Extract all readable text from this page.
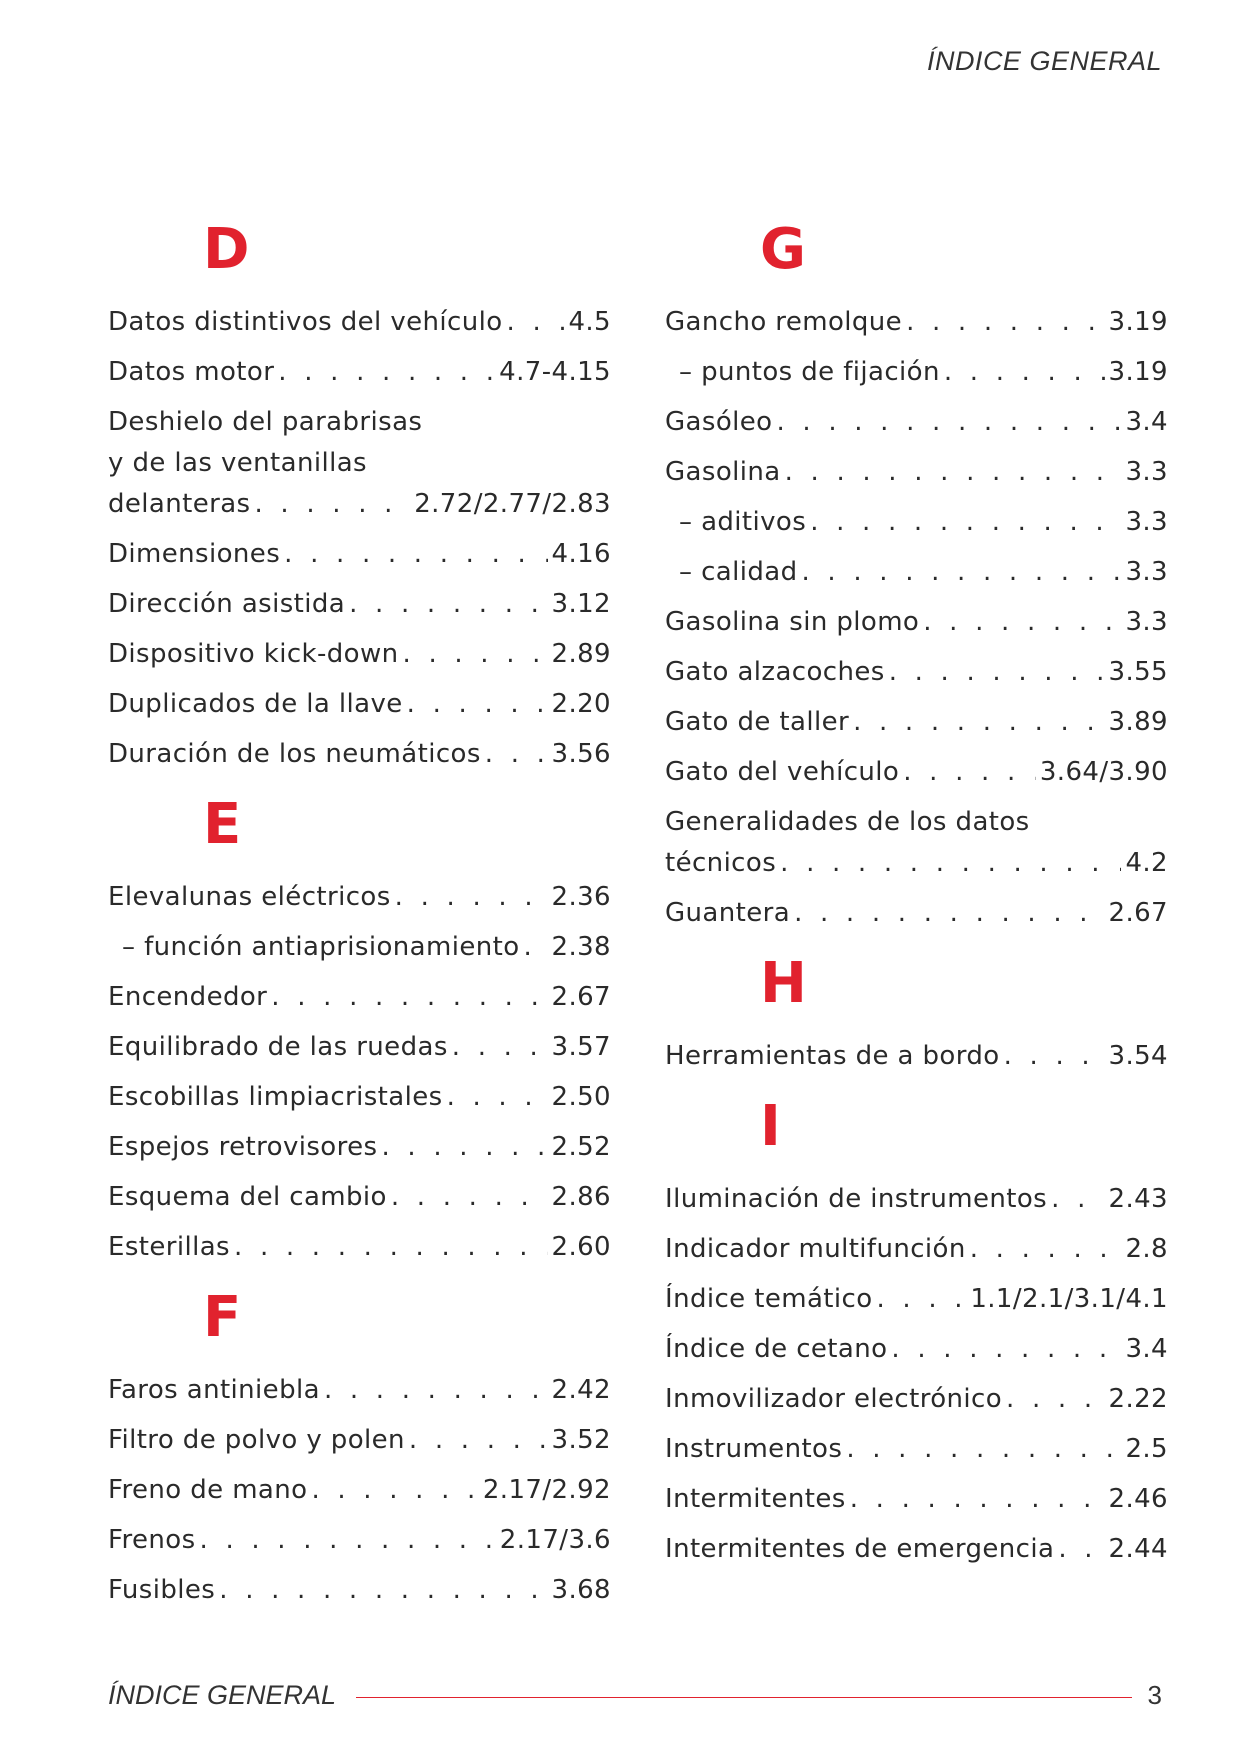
ÍNDICE GENERAL
D
Datos distintivos del vehículo . . .	4.5
Datos motor . . .	4.7-4.15
Deshielo del parabrisas
y de las ventanillas
delanteras . . .	2.72/2.77/2.83
Dimensiones . . .	4.16
Dirección asistida . . .	3.12
Dispositivo kick-down . . .	2.89
Duplicados de la llave . . .	2.20
Duración de los neumáticos . . .	3.56
E
Elevalunas eléctricos . . .	2.36
– función antiaprisionamiento . . . 2.38
Encendedor . . .	2.67
Equilibrado de las ruedas . . .	3.57
Escobillas limpiacristales . . .	2.50
Espejos retrovisores . . .	2.52
Esquema del cambio . . .	2.86
Esterillas . . .	2.60
F
Faros antiniebla . . .	2.42
Filtro de polvo y polen . . .	3.52
Freno de mano . . .	2.17/2.92
Frenos . . .	2.17/3.6
Fusibles . . .	3.68
G
Gancho remolque . . .	3.19
– puntos de fijación . . .	3.19
Gasóleo . . .	3.4
Gasolina . . .	3.3
– aditivos . . .	3.3
– calidad . . .	3.3
Gasolina sin plomo . . .	3.3
Gato alzacoches . . .	3.55
Gato de taller . . .	3.89
Gato del vehículo . . .	3.64/3.90
Generalidades de los datos
técnicos . . .	4.2
Guantera . . .	2.67
H
Herramientas de a bordo . . .	3.54
I
Iluminación de instrumentos . . . 2.43
Indicador multifunción . . .	2.8
Índice temático . . .	1.1/2.1/3.1/4.1
Índice de cetano . . .	3.4
Inmovilizador electrónico . . .	2.22
Instrumentos . . .	2.5
Intermitentes . . .	2.46
Intermitentes de emergencia . . . 2.44
ÍNDICE GENERAL	3
